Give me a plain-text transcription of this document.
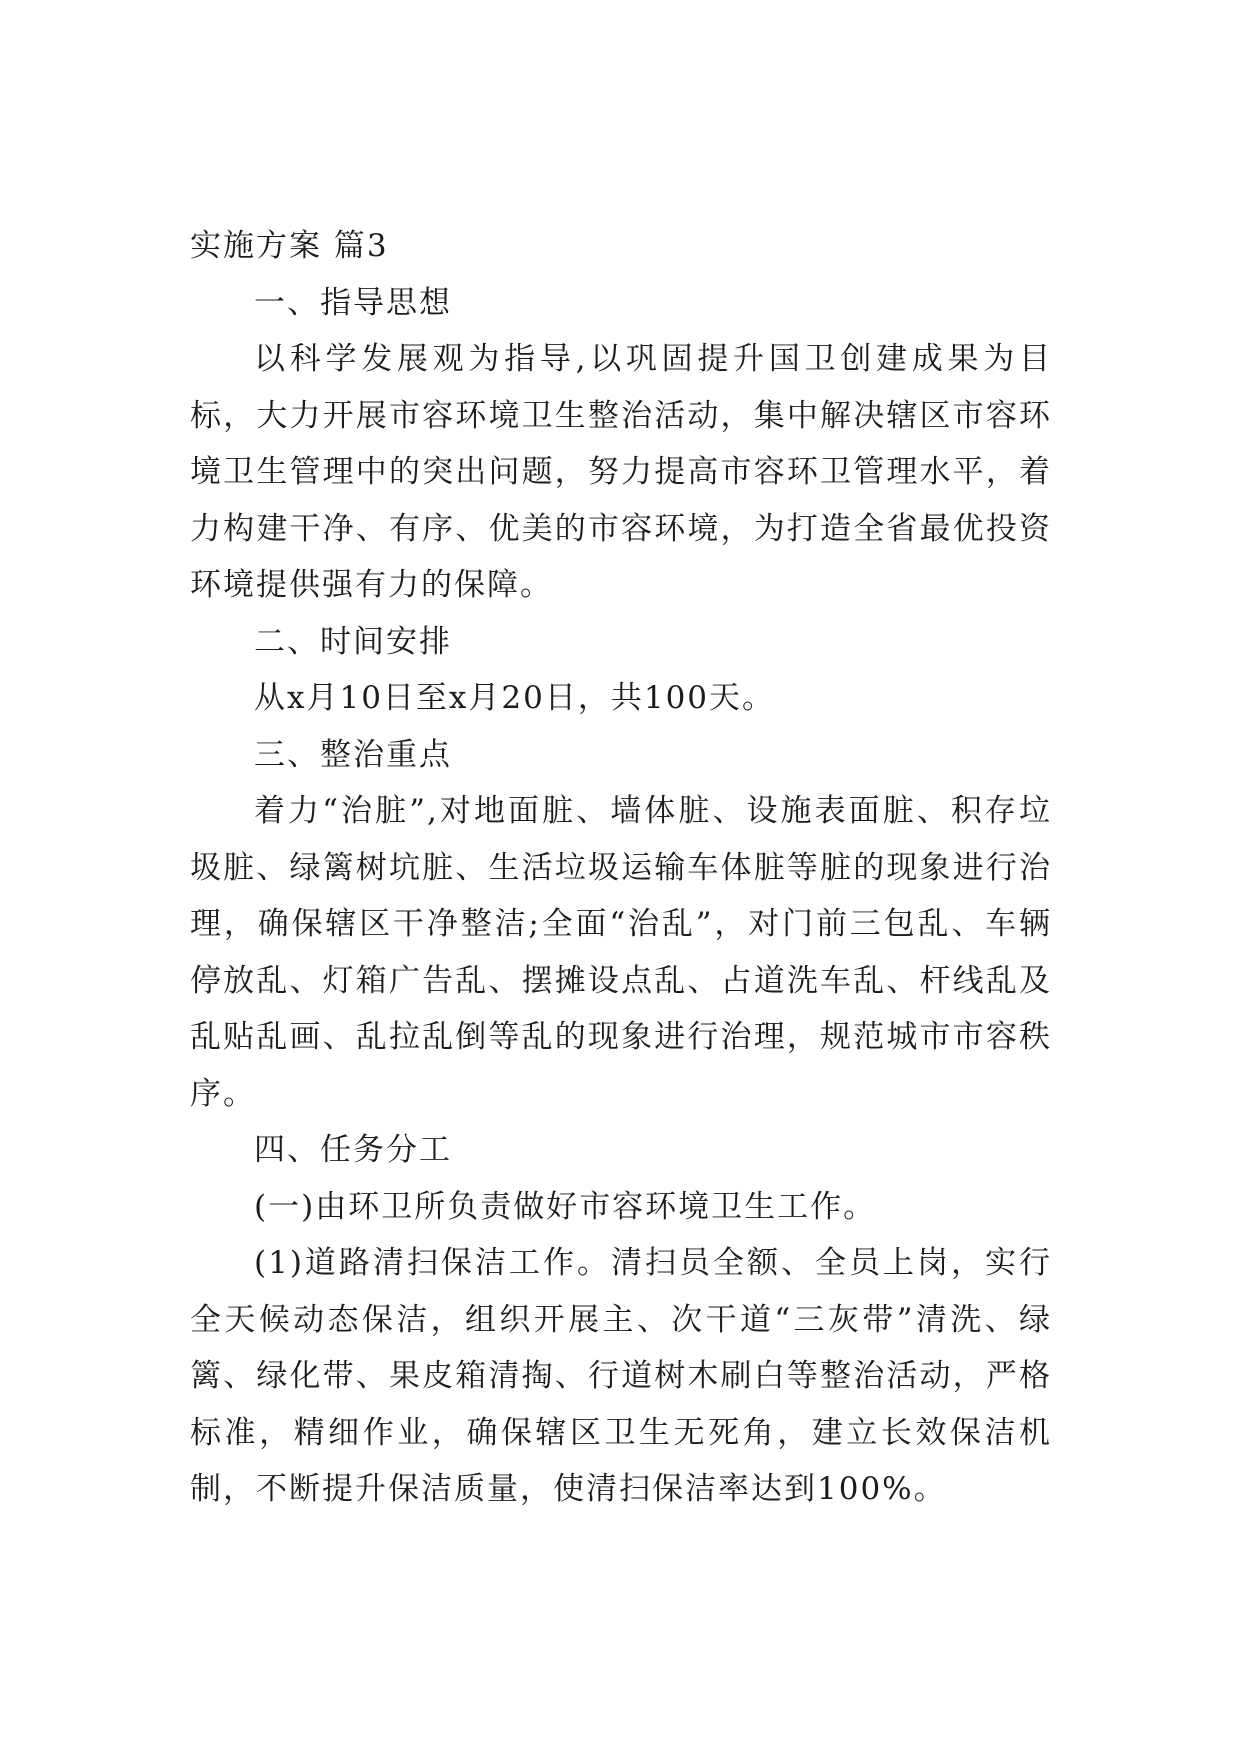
实施方案 篇3

一、指导思想

以科学发展观为指导,以巩固提升国卫创建成果为目标，大力开展市容环境卫生整治活动，集中解决辖区市容环境卫生管理中的突出问题，努力提高市容环卫管理水平，着力构建干净、有序、优美的市容环境，为打造全省最优投资环境提供强有力的保障。

二、时间安排

从x月10日至x月20日，共100天。

三、整治重点

着力“治脏”,对地面脏、墙体脏、设施表面脏、积存垃圾脏、绿篱树坑脏、生活垃圾运输车体脏等脏的现象进行治理，确保辖区干净整洁;全面“治乱”，对门前三包乱、车辆停放乱、灯箱广告乱、摆摊设点乱、占道洗车乱、杆线乱及乱贴乱画、乱拉乱倒等乱的现象进行治理，规范城市市容秩序。

四、任务分工

(一)由环卫所负责做好市容环境卫生工作。

(1)道路清扫保洁工作。清扫员全额、全员上岗，实行全天候动态保洁，组织开展主、次干道“三灰带”清洗、绿篱、绿化带、果皮箱清掏、行道树木刷白等整治活动，严格标准，精细作业，确保辖区卫生无死角，建立长效保洁机制，不断提升保洁质量，使清扫保洁率达到100%。
